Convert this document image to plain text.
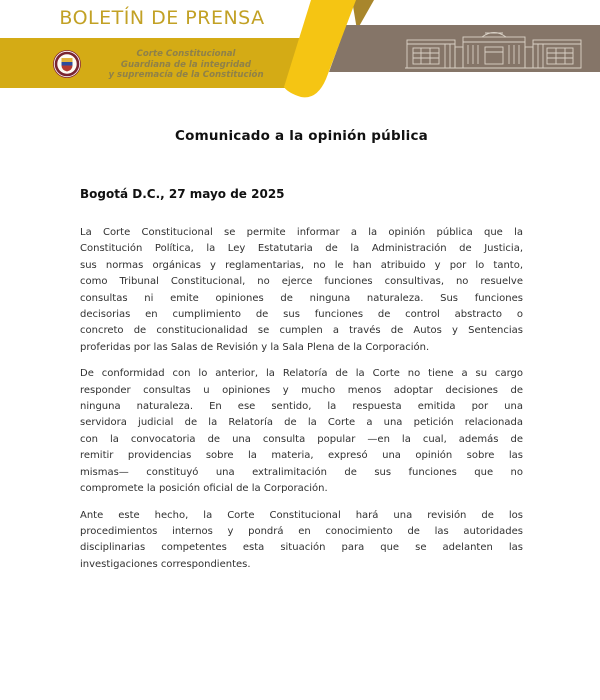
BOLETÍN DE PRENSA
Corte Constitucional
Guardiana de la integridad
y supremacía de la Constitución
Comunicado a la opinión pública
Bogotá D.C., 27 mayo de 2025
La Corte Constitucional se permite informar a la opinión pública que la
Constitución Política, la Ley Estatutaria de la Administración de Justicia,
sus normas orgánicas y reglamentarias, no le han atribuido y por lo tanto,
como Tribunal Constitucional, no ejerce funciones consultivas, no resuelve
consultas ni emite opiniones de ninguna naturaleza. Sus funciones
decisorias en cumplimiento de sus funciones de control abstracto o
concreto de constitucionalidad se cumplen a través de Autos y Sentencias
proferidas por las Salas de Revisión y la Sala Plena de la Corporación.
De conformidad con lo anterior, la Relatoría de la Corte no tiene a su cargo
responder consultas u opiniones y mucho menos adoptar decisiones de
ninguna naturaleza. En ese sentido, la respuesta emitida por una
servidora judicial de la Relatoría de la Corte a una petición relacionada
con la convocatoria de una consulta popular —en la cual, además de
remitir providencias sobre la materia, expresó una opinión sobre las
mismas— constituyó una extralimitación de sus funciones que no
compromete la posición oficial de la Corporación.
Ante este hecho, la Corte Constitucional hará una revisión de los
procedimientos internos y pondrá en conocimiento de las autoridades
disciplinarias competentes esta situación para que se adelanten las
investigaciones correspondientes.
